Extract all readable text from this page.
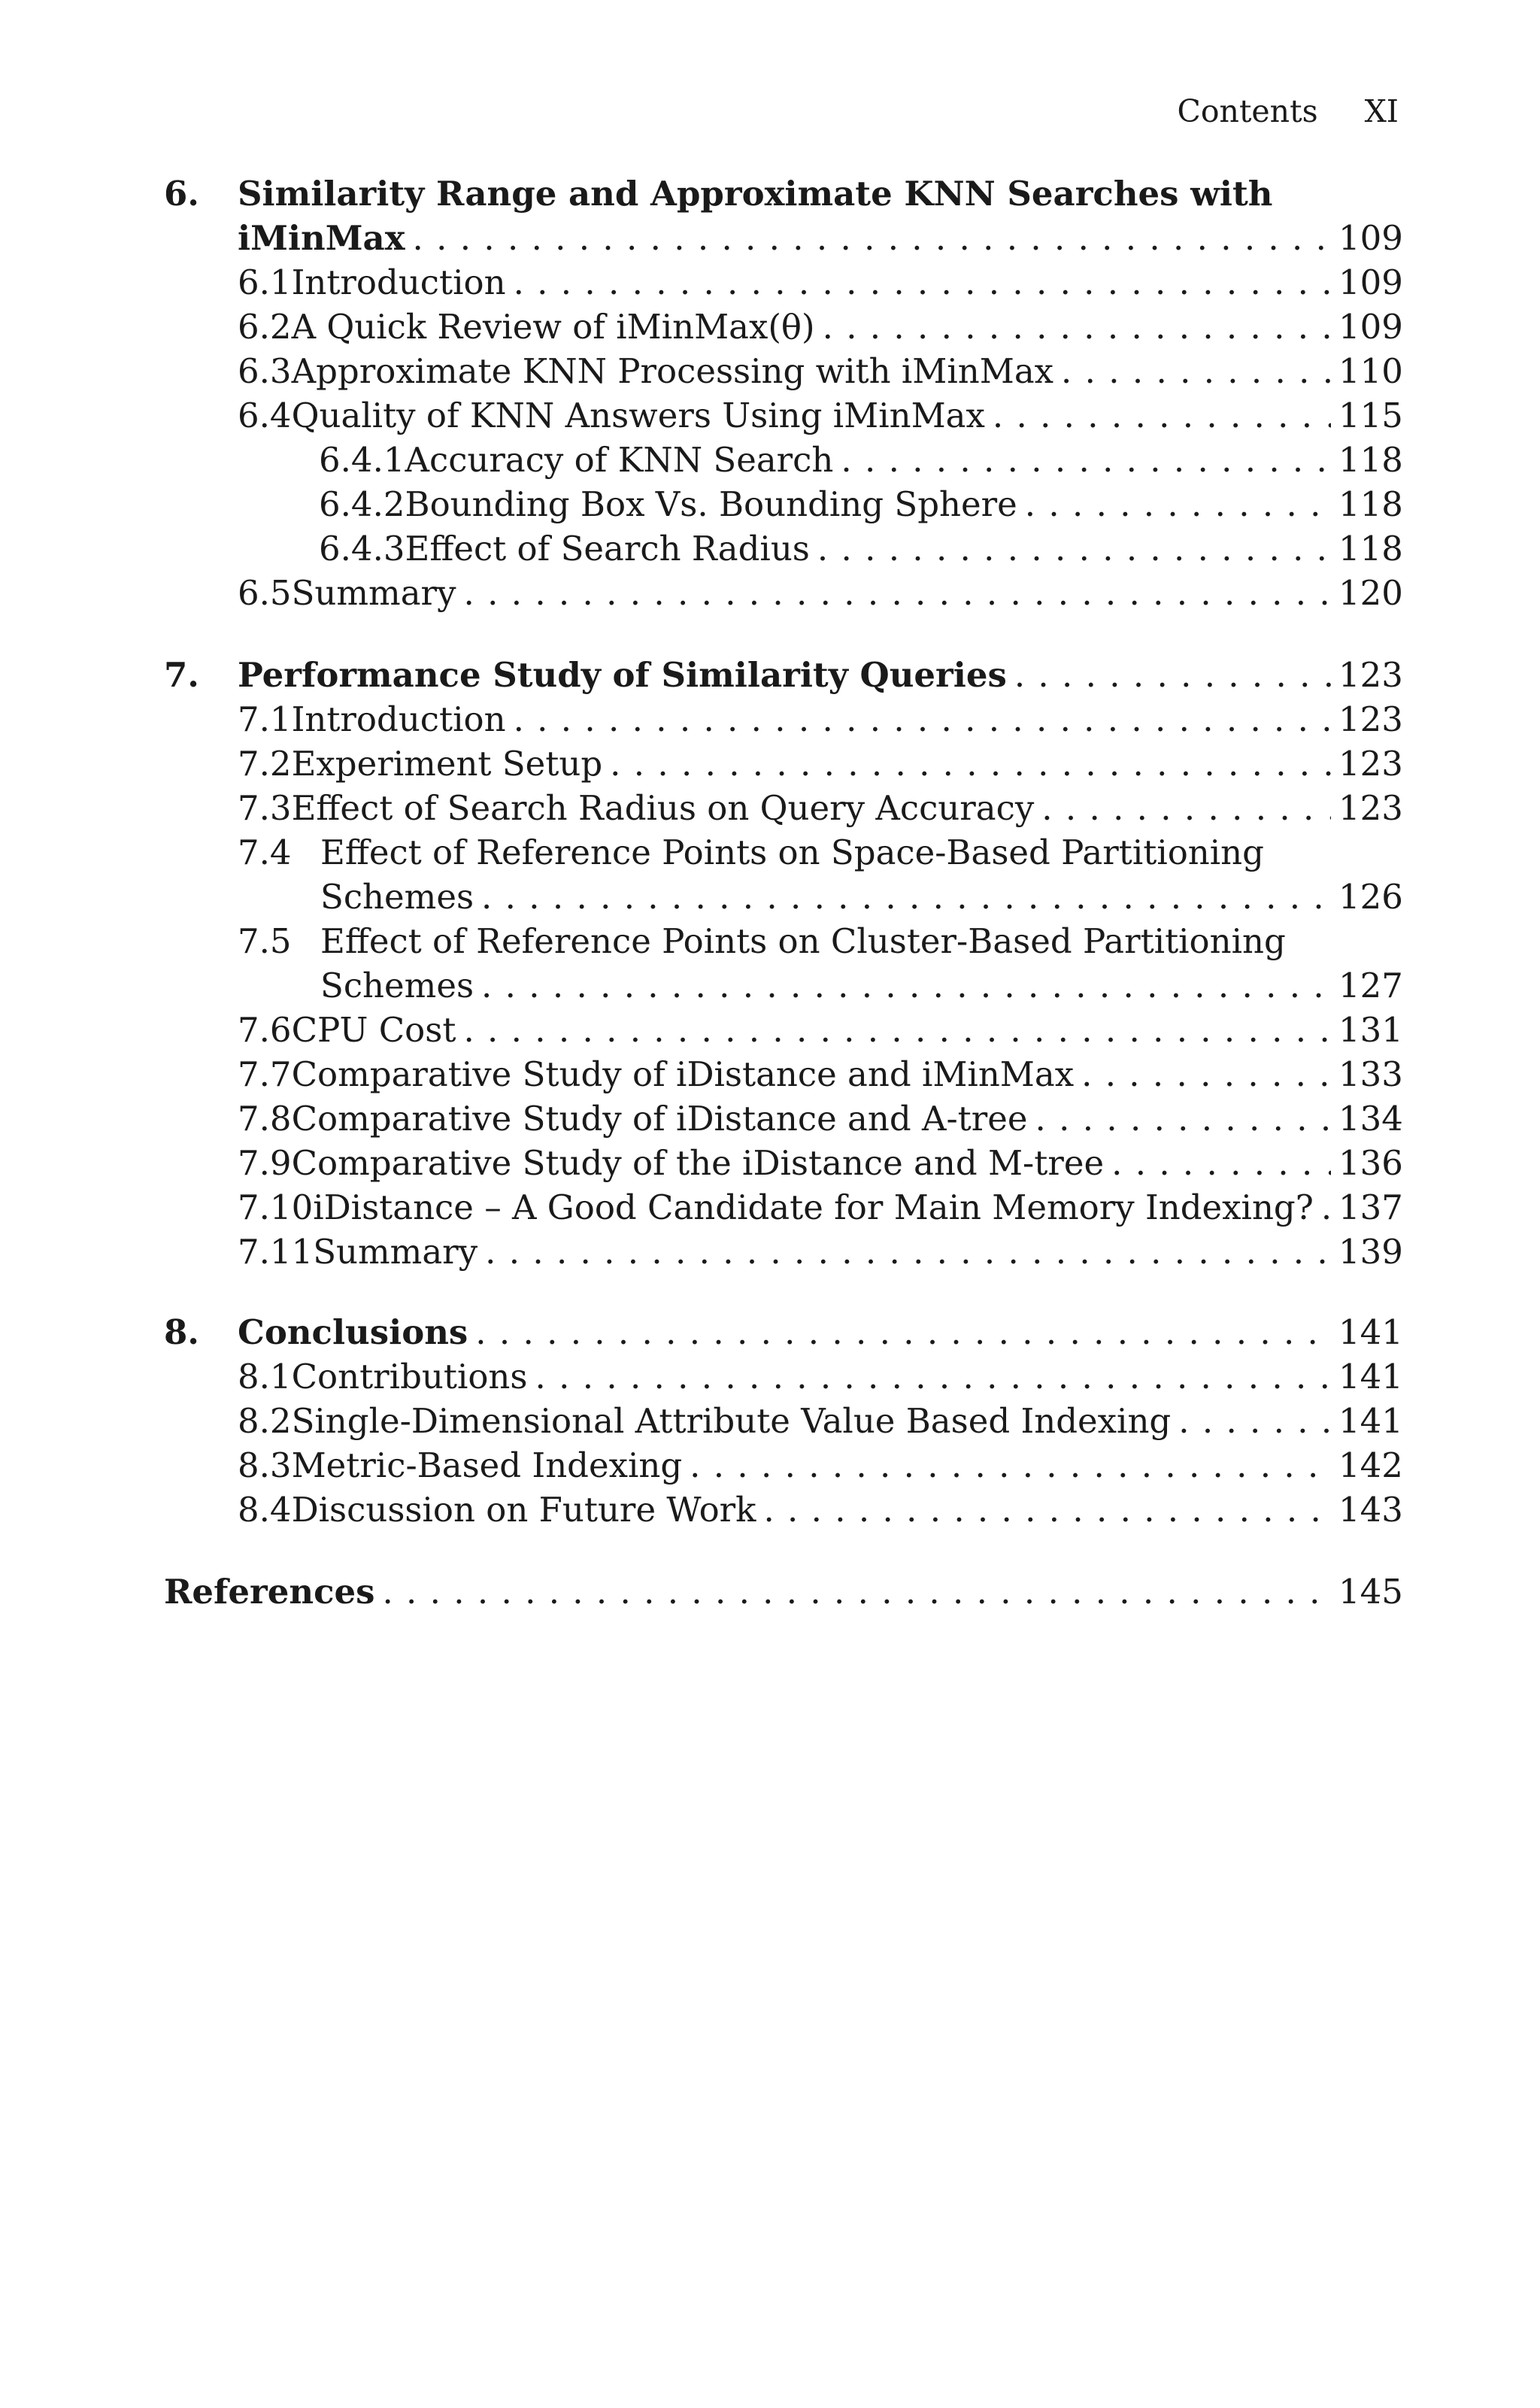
Contents XI
6. Similarity Range and Approximate KNN Searches with
iMinMax . . .	109
6.1 Introduction . . .	109
6.2 A Quick Review of iMinMax(θ) . . .	109
6.3 Approximate KNN Processing with iMinMax . . .	110
6.4 Quality of KNN Answers Using iMinMax . . .	115
6.4.1 Accuracy of KNN Search . . .	118
6.4.2 Bounding Box Vs. Bounding Sphere . . .	118
6.4.3 Effect of Search Radius . . .	118
6.5 Summary . . .	120
7. Performance Study of Similarity Queries . . .	123
7.1 Introduction . . .	123
7.2 Experiment Setup . . .	123
7.3 Effect of Search Radius on Query Accuracy . . .	123
7.4 Effect of Reference Points on Space-Based Partitioning
Schemes . . .	126
7.5 Effect of Reference Points on Cluster-Based Partitioning
Schemes . . .	127
7.6 CPU Cost . . .	131
7.7 Comparative Study of iDistance and iMinMax . . .	133
7.8 Comparative Study of iDistance and A-tree . . .	134
7.9 Comparative Study of the iDistance and M-tree . . .	136
7.10 iDistance – A Good Candidate for Main Memory Indexing? . . . 137
7.11 Summary . . .	139
8. Conclusions . . .	141
8.1 Contributions . . .	141
8.2 Single-Dimensional Attribute Value Based Indexing . . .	141
8.3 Metric-Based Indexing . . .	142
8.4 Discussion on Future Work . . .	143
References . . .	145
